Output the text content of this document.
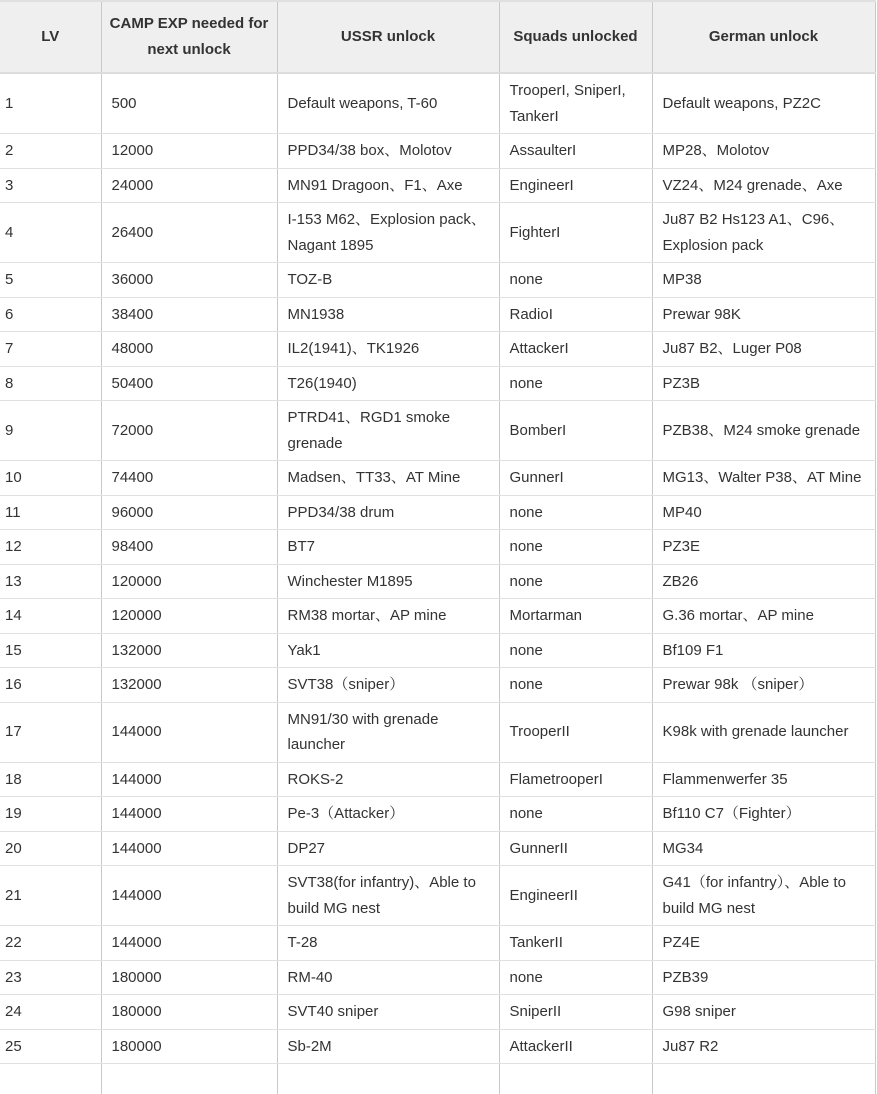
LV	CAMP EXP needed for next unlock	USSR unlock	Squads unlocked	German unlock
1	500	Default weapons, T-60	TrooperI, SniperI, TankerI	Default weapons, PZ2C
2	12000	PPD34/38 box、Molotov	AssaulterI	MP28、Molotov
3	24000	MN91 Dragoon、F1、Axe	EngineerI	VZ24、M24 grenade、Axe
4	26400	I-153 M62、Explosion pack、Nagant 1895	FighterI	Ju87 B2 Hs123 A1、C96、Explosion pack
5	36000	TOZ-B	none	MP38
6	38400	MN1938	RadioI	Prewar 98K
7	48000	IL2(1941)、TK1926	AttackerI	Ju87 B2、Luger P08
8	50400	T26(1940)	none	PZ3B
9	72000	PTRD41、RGD1 smoke grenade	BomberI	PZB38、M24 smoke grenade
10	74400	Madsen、TT33、AT Mine	GunnerI	MG13、Walter P38、AT Mine
11	96000	PPD34/38 drum	none	MP40
12	98400	BT7	none	PZ3E
13	120000	Winchester M1895	none	ZB26
14	120000	RM38 mortar、AP mine	Mortarman	G.36 mortar、AP mine
15	132000	Yak1	none	Bf109 F1
16	132000	SVT38（sniper）	none	Prewar 98k （sniper）
17	144000	MN91/30 with grenade launcher	TrooperII	K98k with grenade launcher
18	144000	ROKS-2	FlametrooperI	Flammenwerfer 35
19	144000	Pe-3（Attacker）	none	Bf110 C7（Fighter）
20	144000	DP27	GunnerII	MG34
21	144000	SVT38(for infantry)、Able to build MG nest	EngineerII	G41（for infantry）、Able to build MG nest
22	144000	T-28	TankerII	PZ4E
23	180000	RM-40	none	PZB39
24	180000	SVT40 sniper	SniperII	G98 sniper
25	180000	Sb-2M	AttackerII	Ju87 R2
